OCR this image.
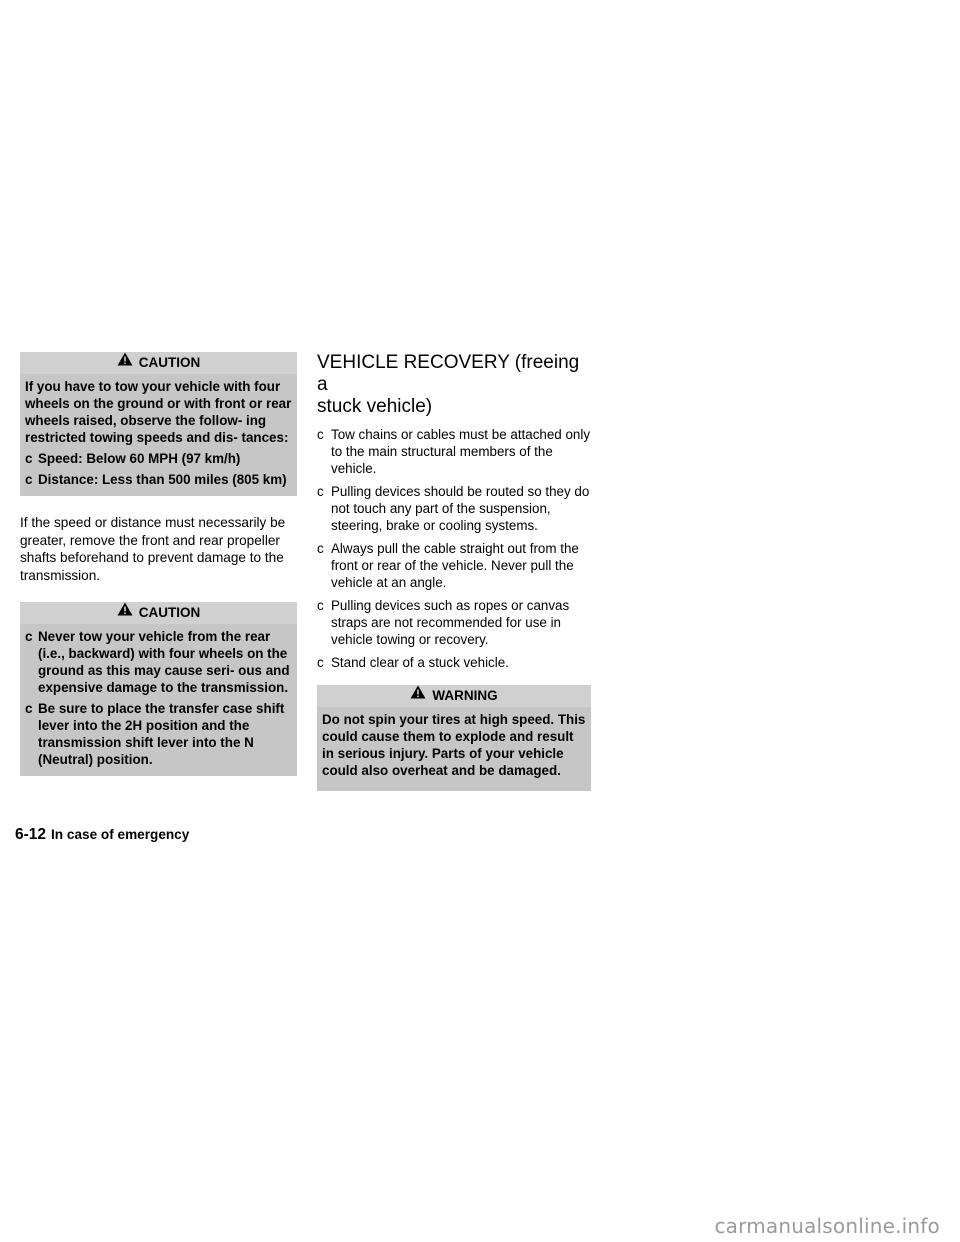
CAUTION

If you have to tow your vehicle with four wheels on the ground or with front or rear wheels raised, observe the follow- ing restricted towing speeds and dis- tances:

c Speed: Below 60 MPH (97 km/h)
c Distance: Less than 500 miles (805 km)

If the speed or distance must necessarily be greater, remove the front and rear propeller shafts beforehand to prevent damage to the transmission.

CAUTION
c Never tow your vehicle from the rear (i.e., backward) with four wheels on the ground as this may cause seri- ous and expensive damage to the transmission.
c Be sure to place the transfer case shift lever into the 2H position and the transmission shift lever into the N (Neutral) position.
VEHICLE RECOVERY (freeing a
stuck vehicle)
c Tow chains or cables must be attached only to the main structural members of the vehicle.
c Pulling devices should be routed so they do not touch any part of the suspension, steering, brake or cooling systems.
c Always pull the cable straight out from the front or rear of the vehicle. Never pull the vehicle at an angle.
c Pulling devices such as ropes or canvas straps are not recommended for use in vehicle towing or recovery.
c Stand clear of a stuck vehicle.
WARNING

Do not spin your tires at high speed. This could cause them to explode and result in serious injury. Parts of your vehicle could also overheat and be damaged.

6-12 In case of emergency
carmanualsonline.info
